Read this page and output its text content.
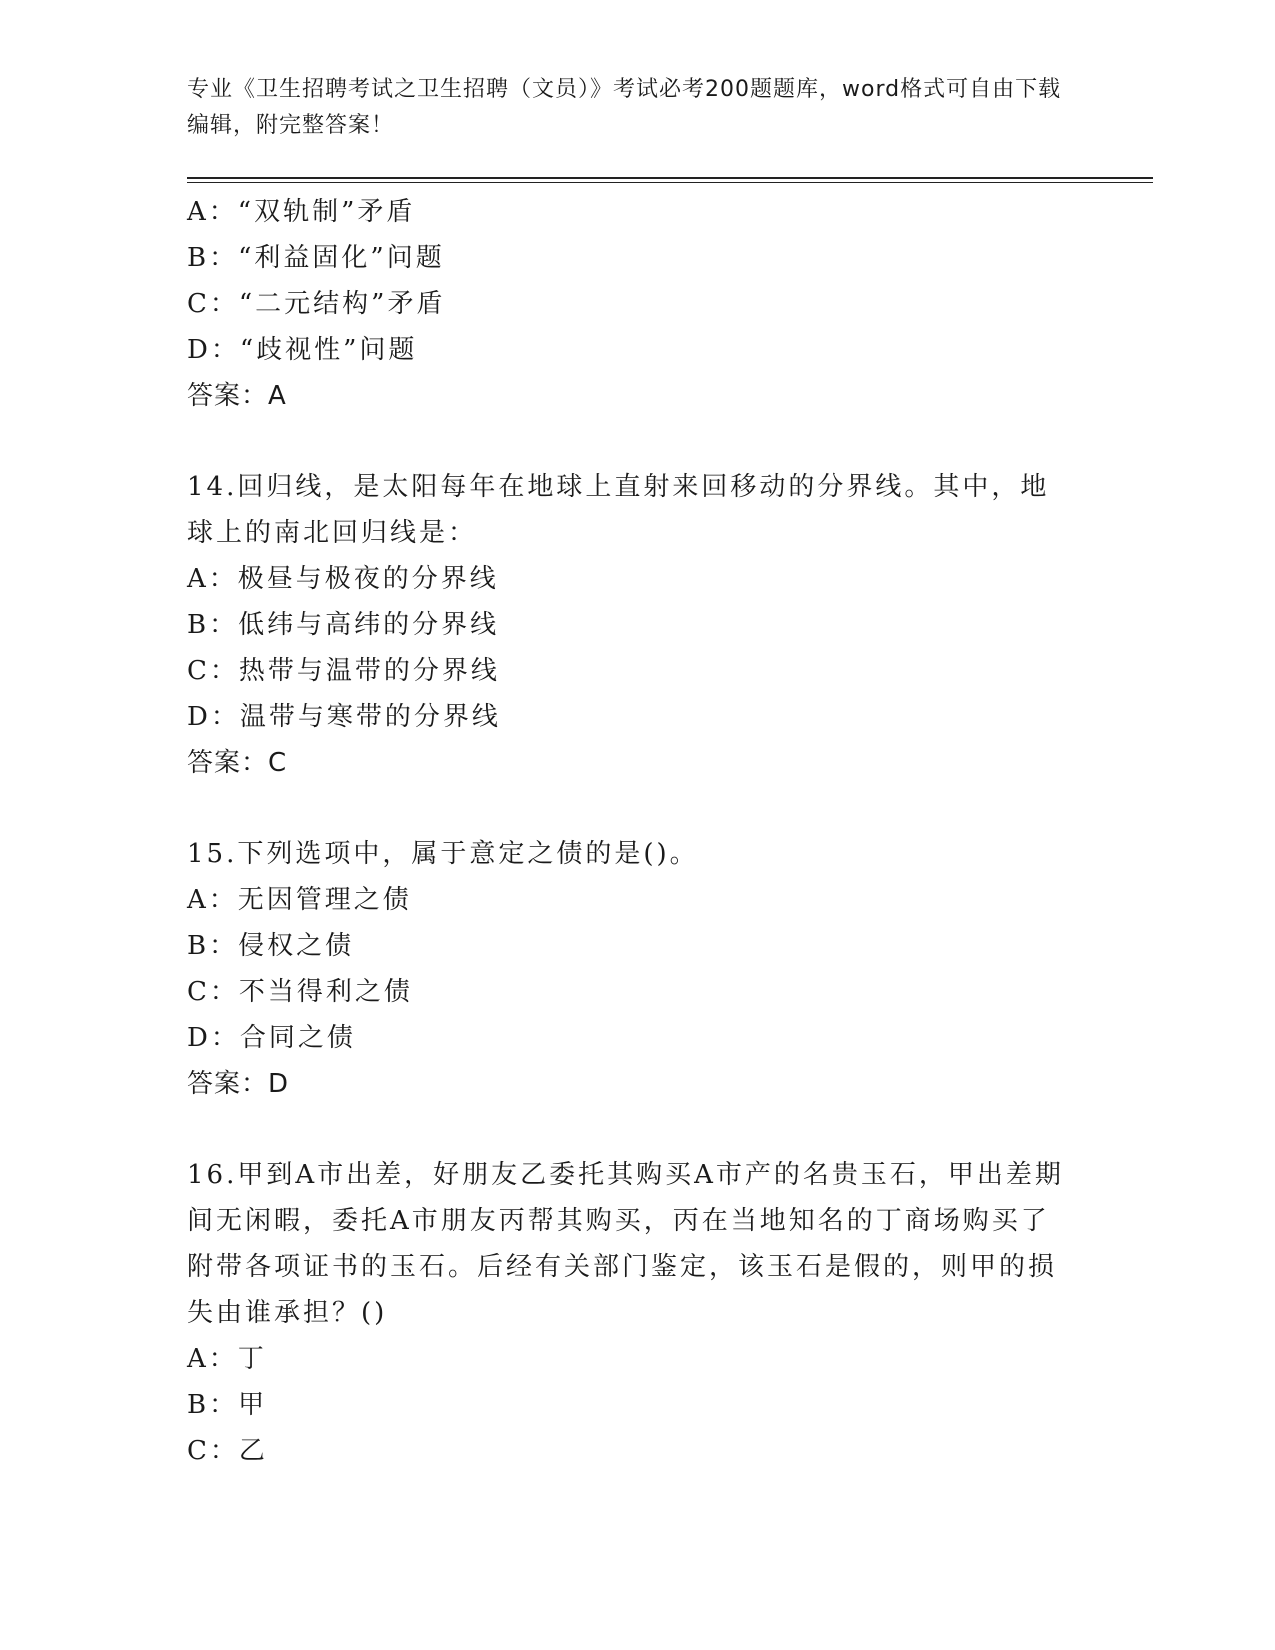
专业《卫生招聘考试之卫生招聘（文员）》考试必考200题题库，word格式可自由下载编辑，附完整答案！
A：“双轨制”矛盾
B：“利益固化”问题
C：“二元结构”矛盾
D：“歧视性”问题
答案：A
14.回归线，是太阳每年在地球上直射来回移动的分界线。其中，地球上的南北回归线是：
A：极昼与极夜的分界线
B：低纬与高纬的分界线
C：热带与温带的分界线
D：温带与寒带的分界线
答案：C
15.下列选项中，属于意定之债的是()。
A：无因管理之债
B：侵权之债
C：不当得利之债
D：合同之债
答案：D
16.甲到A市出差，好朋友乙委托其购买A市产的名贵玉石，甲出差期间无闲暇，委托A市朋友丙帮其购买，丙在当地知名的丁商场购买了附带各项证书的玉石。后经有关部门鉴定，该玉石是假的，则甲的损失由谁承担？()
A：丁
B：甲
C：乙
